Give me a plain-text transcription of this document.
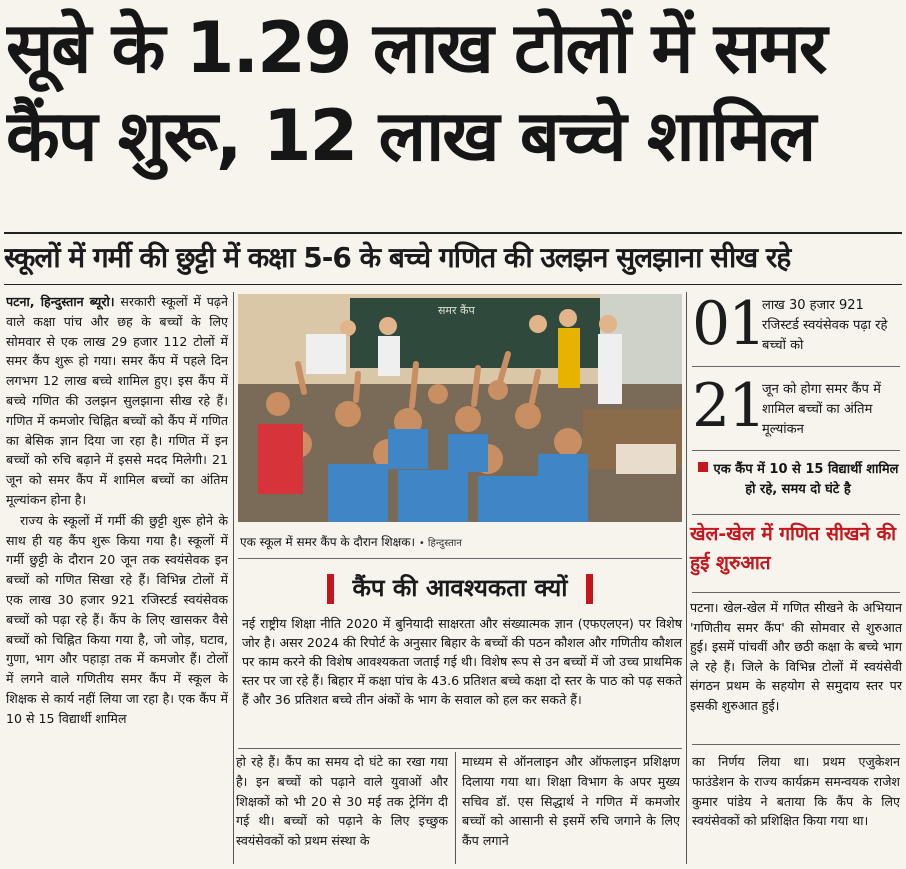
सूबे के 1.29 लाख टोलों में समर
कैंप शुरू, 12 लाख बच्चे शामिल
स्कूलों में गर्मी की छुट्टी में कक्षा 5-6 के बच्चे गणित की उलझन सुलझाना सीख रहे

पटना, हिन्दुस्तान ब्यूरो। सरकारी स्कूलों में पढ़ने वाले कक्षा पांच और छह के बच्चों के लिए सोमवार से एक लाख 29 हजार 112 टोलों में समर कैंप शुरू हो गया। समर कैंप में पहले दिन लगभग 12 लाख बच्चे शामिल हुए। इस कैंप में बच्चे गणित की उलझन सुलझाना सीख रहे हैं। गणित में कमजोर चिह्नित बच्चों को कैंप में गणित का बेसिक ज्ञान दिया जा रहा है। गणित में इन बच्चों को रुचि बढ़ाने में इससे मदद मिलेगी। 21 जून को समर कैंप में शामिल बच्चों का अंतिम मूल्यांकन होना है।

राज्य के स्कूलों में गर्मी की छुट्टी शुरू होने के साथ ही यह कैंप शुरू किया गया है। स्कूलों में गर्मी छुट्टी के दौरान 20 जून तक स्वयंसेवक इन बच्चों को गणित सिखा रहे हैं। विभिन्न टोलों में एक लाख 30 हजार 921 रजिस्टर्ड स्वयंसेवक बच्चों को पढ़ा रहे हैं। कैंप के लिए खासकर वैसे बच्चों को चिह्नित किया गया है, जो जोड़, घटाव, गुणा, भाग और पहाड़ा तक में कमजोर हैं। टोलों में लगने वाले गणितीय समर कैंप में स्कूल के शिक्षक से कार्य नहीं लिया जा रहा है। एक कैंप में 10 से 15 विद्यार्थी शामिल

समर कैंप
एक स्कूल में समर कैंप के दौरान शिक्षक। • हिन्दुस्तान
कैंप की आवश्यकता क्यों
नई राष्ट्रीय शिक्षा नीति 2020 में बुनियादी साक्षरता और संख्यात्मक ज्ञान (एफएलएन) पर विशेष जोर है। असर 2024 की रिपोर्ट के अनुसार बिहार के बच्चों की पठन कौशल और गणितीय कौशल पर काम करने की विशेष आवश्यकता जताई गई थी। विशेष रूप से उन बच्चों में जो उच्च प्राथमिक स्तर पर जा रहे हैं। बिहार में कक्षा पांच के 43.6 प्रतिशत बच्चे कक्षा दो स्तर के पाठ को पढ़ सकते हैं और 36 प्रतिशत बच्चे तीन अंकों के भाग के सवाल को हल कर सकते हैं।
हो रहे हैं। कैंप का समय दो घंटे का रखा गया है। इन बच्चों को पढ़ाने वाले युवाओं और शिक्षकों को भी 20 से 30 मई तक ट्रेनिंग दी गई थी। बच्चों को पढ़ाने के लिए इच्छुक स्वयंसेवकों को प्रथम संस्था के
माध्यम से ऑनलाइन और ऑफलाइन प्रशिक्षण दिलाया गया था। शिक्षा विभाग के अपर मुख्य सचिव डॉ. एस सिद्धार्थ ने गणित में कमजोर बच्चों को आसानी से इसमें रुचि जगाने के लिए कैंप लगाने
का निर्णय लिया था। प्रथम एजुकेशन फाउंडेशन के राज्य कार्यक्रम समन्वयक राजेश कुमार पांडेय ने बताया कि कैंप के लिए स्वयंसेवकों को प्रशिक्षित किया गया था।
01
लाख 30 हजार 921 रजिस्टर्ड स्वयंसेवक पढ़ा रहे बच्चों को
21
जून को होगा समर कैंप में शामिल बच्चों का अंतिम मूल्यांकन
एक कैंप में 10 से 15 विद्यार्थी शामिल हो रहे, समय दो घंटे है
खेल-खेल में गणित सीखने की हुई शुरुआत
पटना। खेल-खेल में गणित सीखने के अभियान 'गणितीय समर कैंप' की सोमवार से शुरुआत हुई। इसमें पांचवीं और छठी कक्षा के बच्चे भाग ले रहे हैं। जिले के विभिन्न टोलों में स्वयंसेवी संगठन प्रथम के सहयोग से समुदाय स्तर पर इसकी शुरुआत हुई।
